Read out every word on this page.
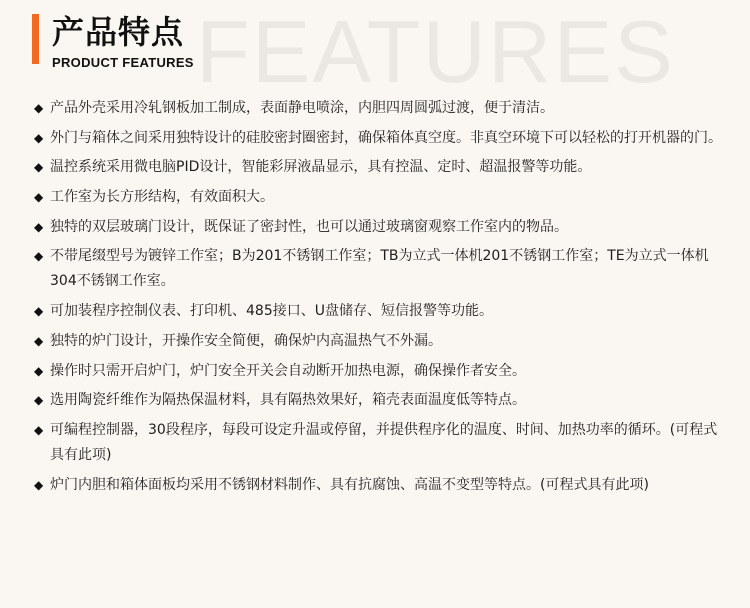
FEATURES
产品特点
PRODUCT FEATURES
◆ 产品外壳采用冷轧钢板加工制成，表面静电喷涂，内胆四周圆弧过渡，便于清洁。
◆ 外门与箱体之间采用独特设计的硅胶密封圈密封，确保箱体真空度。非真空环境下可以轻松的打开机器的门。
◆ 温控系统采用微电脑PID设计，智能彩屏液晶显示，具有控温、定时、超温报警等功能。
◆ 工作室为长方形结构，有效面积大。
◆ 独特的双层玻璃门设计，既保证了密封性，也可以通过玻璃窗观察工作室内的物品。
◆ 不带尾缀型号为镀锌工作室；B为201不锈钢工作室；TB为立式一体机201不锈钢工作室；TE为立式一体机304不锈钢工作室。
◆ 可加装程序控制仪表、打印机、485接口、U盘储存、短信报警等功能。
◆ 独特的炉门设计，开操作安全简便，确保炉内高温热气不外漏。
◆ 操作时只需开启炉门，炉门安全开关会自动断开加热电源，确保操作者安全。
◆ 选用陶瓷纤维作为隔热保温材料，具有隔热效果好，箱壳表面温度低等特点。
◆ 可编程控制器，30段程序，每段可设定升温或停留，并提供程序化的温度、时间、加热功率的循环。(可程式具有此项)
◆ 炉门内胆和箱体面板均采用不锈钢材料制作、具有抗腐蚀、高温不变型等特点。(可程式具有此项)
